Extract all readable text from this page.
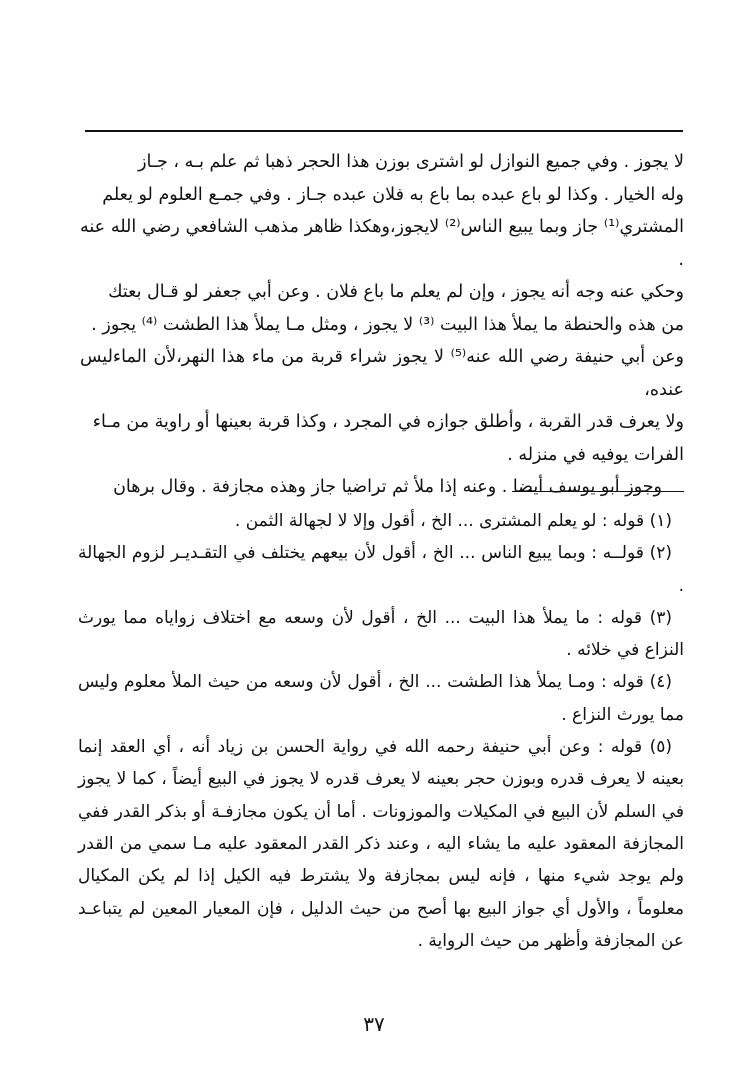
لا يجوز . وفي جميع النوازل لو اشترى بوزن هذا الحجر ذهبا ثم علم بـه ، جـاز

وله الخيار . وكذا لو باع عبده بما باع به فلان عبده جـاز . وفي جمـع العلوم لو يعلم

المشتري⁽¹⁾ جاز وبما يبيع الناس⁽²⁾ لايجوز،وهكذا ظاهر مذهب الشافعي رضي الله عنه .

وحكي عنه وجه أنه يجوز ، وإن لم يعلم ما باع فلان . وعن أبي جعفر لو قـال بعتك

من هذه والحنطة ما يملأ هذا البيت ⁽³⁾ لا يجوز ، ومثل مـا يملأ هذا الطشت ⁽⁴⁾ يجوز .

وعن أبي حنيفة رضي الله عنه⁽⁵⁾ لا يجوز شراء قربة من ماء هذا النهر،لأن الماءليس عنده،

ولا يعرف قدر القربة ، وأطلق جوازه في المجرد ، وكذا قربة بعينها أو راوية من مـاء

الفرات يوفيه في منزله .

وجوز أبو يوسف أيضا . وعنه إذا ملأ ثم تراضيا جاز وهذه مجازفة . وقال برهان

(١) قوله : لو يعلم المشترى ... الخ ، أقول وإلا لا لجهالة الثمن .

(٢) قولــه : وبما يبيع الناس ... الخ ، أقول لأن بيعهم يختلف في التقـديـر لزوم الجهالة .

(٣) قوله : ما يملأ هذا البيت ... الخ ، أقول لأن وسعه مع اختلاف زواياه مما يورث النزاع في خلائه .

(٤) قوله : ومـا يملأ هذا الطشت ... الخ ، أقول لأن وسعه من حيث الملأ معلوم وليس مما يورث النزاع .

(٥) قوله : وعن أبي حنيفة رحمه الله في رواية الحسن بن زياد أنه ، أي العقد إنما بعينه لا يعرف قدره وبوزن حجر بعينه لا يعرف قدره لا يجوز في البيع أيضاً ، كما لا يجوز في السلم لأن البيع في المكيلات والموزونات . أما أن يكون مجازفـة أو بذكر القدر ففي المجازفة المعقود عليه ما يشاء اليه ، وعند ذكر القدر المعقود عليه مـا سمي من القدر ولم يوجد شيء منها ، فإنه ليس بمجازفة ولا يشترط فيه الكيل إذا لم يكن المكيال معلوماً ، والأول أي جواز البيع بها أصح من حيث الدليل ، فإن المعيار المعين لم يتباعـد عن المجازفة وأظهر من حيث الرواية .

٣٧
